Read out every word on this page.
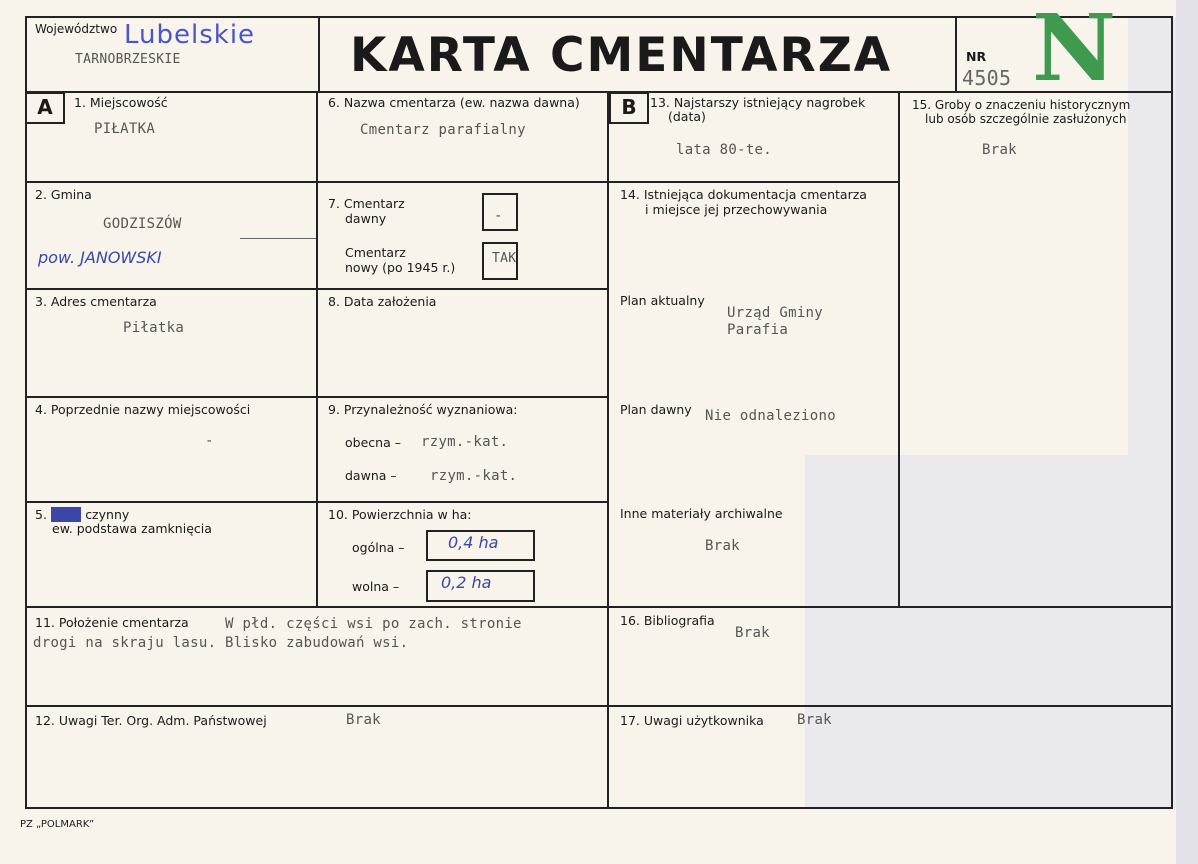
Województwo Lubelskie
TARNOBRZESKIE	KARTA CMENTARZA	NR
4505 N
A	B
1. Miejscowość
PIŁATKA
2. Gmina
GODZISZÓW
pow. JANOWSKI
3. Adres cmentarza
Piłatka
4. Poprzednie nazwy miejscowości
-
5. (Nie) czynny
ew. podstawa zamknięcia
6. Nazwa cmentarza (ew. nazwa dawna)
Cmentarz parafialny
7. Cmentarz
dawny	-
Cmentarz
nowy (po 1945 r.)
TAK
8. Data założenia
9. Przynależność wyznaniowa:
obecna – rzym.-kat.
dawna – rzym.-kat.
10. Powierzchnia w ha:
ogólna –	0,4 ha
wolna –	0,2 ha
11. Położenie cmentarza	W płd. części wsi po zach. stronie
drogi na skraju lasu. Blisko zabudowań wsi.
12. Uwagi Ter. Org. Adm. Państwowej	Brak
13. Najstarszy istniejący nagrobek
(data)
lata 80-te.
14. Istniejąca dokumentacja cmentarza
i miejsce jej przechowywania
Plan aktualny
Urząd Gminy
Parafia
Plan dawny Nie odnaleziono
Inne materiały archiwalne
Brak
15. Groby o znaczeniu historycznym
lub osób szczególnie zasłużonych
Brak
16. Bibliografia
Brak
17. Uwagi użytkownika Brak
PZ „POLMARK”
